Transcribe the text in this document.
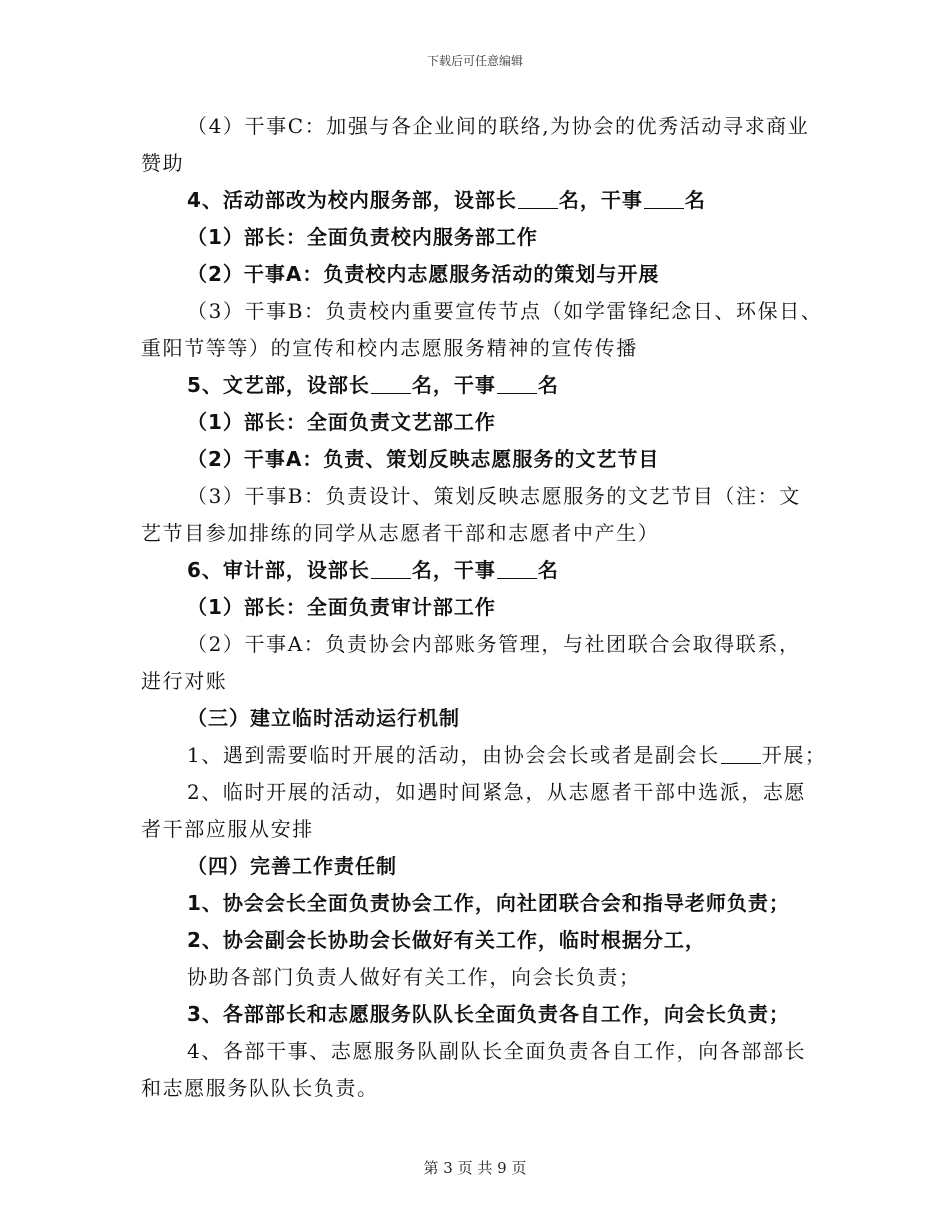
下载后可任意编辑
（4）干事C：加强与各企业间的联络,为协会的优秀活动寻求商业
赞助
4、活动部改为校内服务部，设部长 名，干事 名
（1）部长：全面负责校内服务部工作
（2）干事A：负责校内志愿服务活动的策划与开展
（3）干事B：负责校内重要宣传节点（如学雷锋纪念日、环保日、
重阳节等等）的宣传和校内志愿服务精神的宣传传播
5、文艺部，设部长 名，干事 名
（1）部长：全面负责文艺部工作
（2）干事A：负责、策划反映志愿服务的文艺节目
（3）干事B：负责设计、策划反映志愿服务的文艺节目（注：文
艺节目参加排练的同学从志愿者干部和志愿者中产生）
6、审计部，设部长 名，干事 名
（1）部长：全面负责审计部工作
（2）干事A：负责协会内部账务管理，与社团联合会取得联系，
进行对账
（三）建立临时活动运行机制
1、遇到需要临时开展的活动，由协会会长或者是副会长 开展；
2、临时开展的活动，如遇时间紧急，从志愿者干部中选派，志愿
者干部应服从安排
（四）完善工作责任制
1、协会会长全面负责协会工作，向社团联合会和指导老师负责；
2、协会副会长协助会长做好有关工作，临时根据分工，
协助各部门负责人做好有关工作，向会长负责；
3、各部部长和志愿服务队队长全面负责各自工作，向会长负责；
4、各部干事、志愿服务队副队长全面负责各自工作，向各部部长
和志愿服务队队长负责。
第 3 页 共 9 页
